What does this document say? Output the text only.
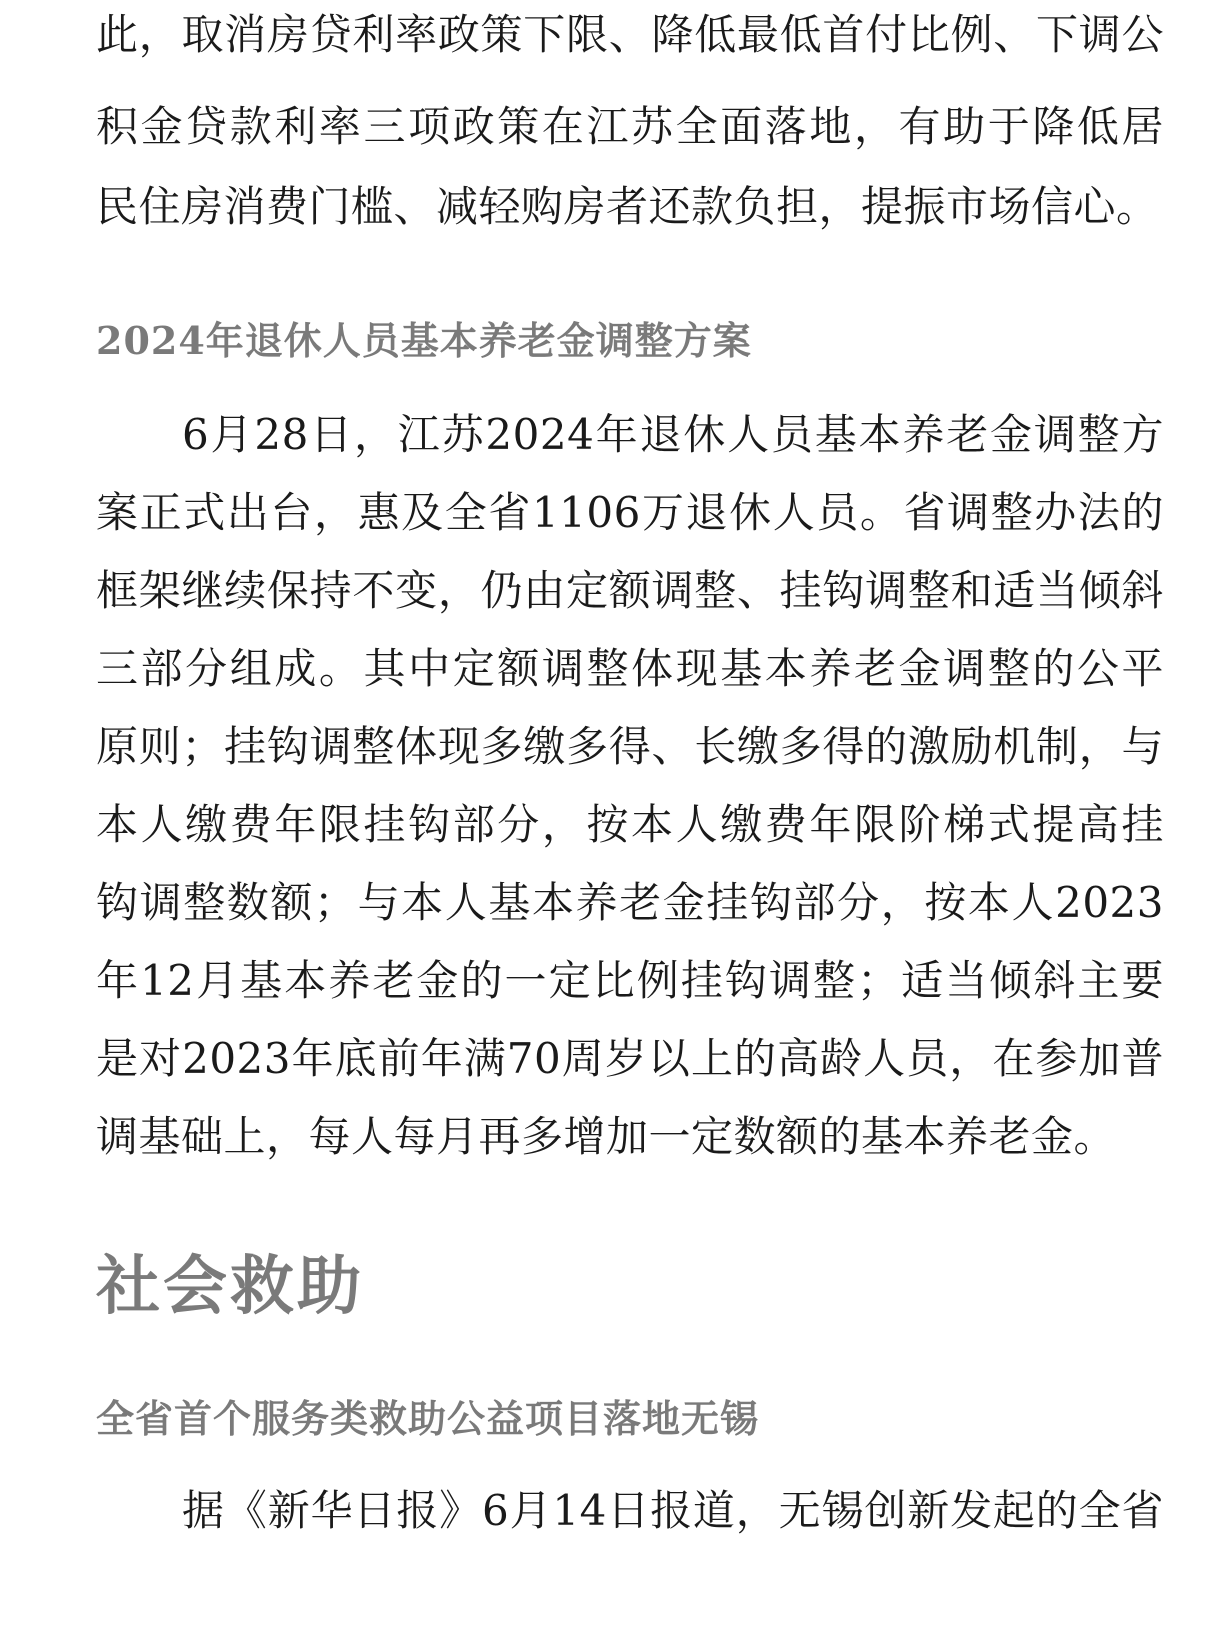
此，取消房贷利率政策下限、降低最低首付比例、下调公
积金贷款利率三项政策在江苏全面落地，有助于降低居
民住房消费门槛、减轻购房者还款负担，提振市场信心。
2024年退休人员基本养老金调整方案
6月28日，江苏2024年退休人员基本养老金调整方
案正式出台，惠及全省1106万退休人员。省调整办法的
框架继续保持不变，仍由定额调整、挂钩调整和适当倾斜
三部分组成。其中定额调整体现基本养老金调整的公平
原则；挂钩调整体现多缴多得、长缴多得的激励机制，与
本人缴费年限挂钩部分，按本人缴费年限阶梯式提高挂
钩调整数额；与本人基本养老金挂钩部分，按本人2023
年12月基本养老金的一定比例挂钩调整；适当倾斜主要
是对2023年底前年满70周岁以上的高龄人员，在参加普
调基础上，每人每月再多增加一定数额的基本养老金。
社会救助
全省首个服务类救助公益项目落地无锡
据《新华日报》6月14日报道，无锡创新发起的全省
